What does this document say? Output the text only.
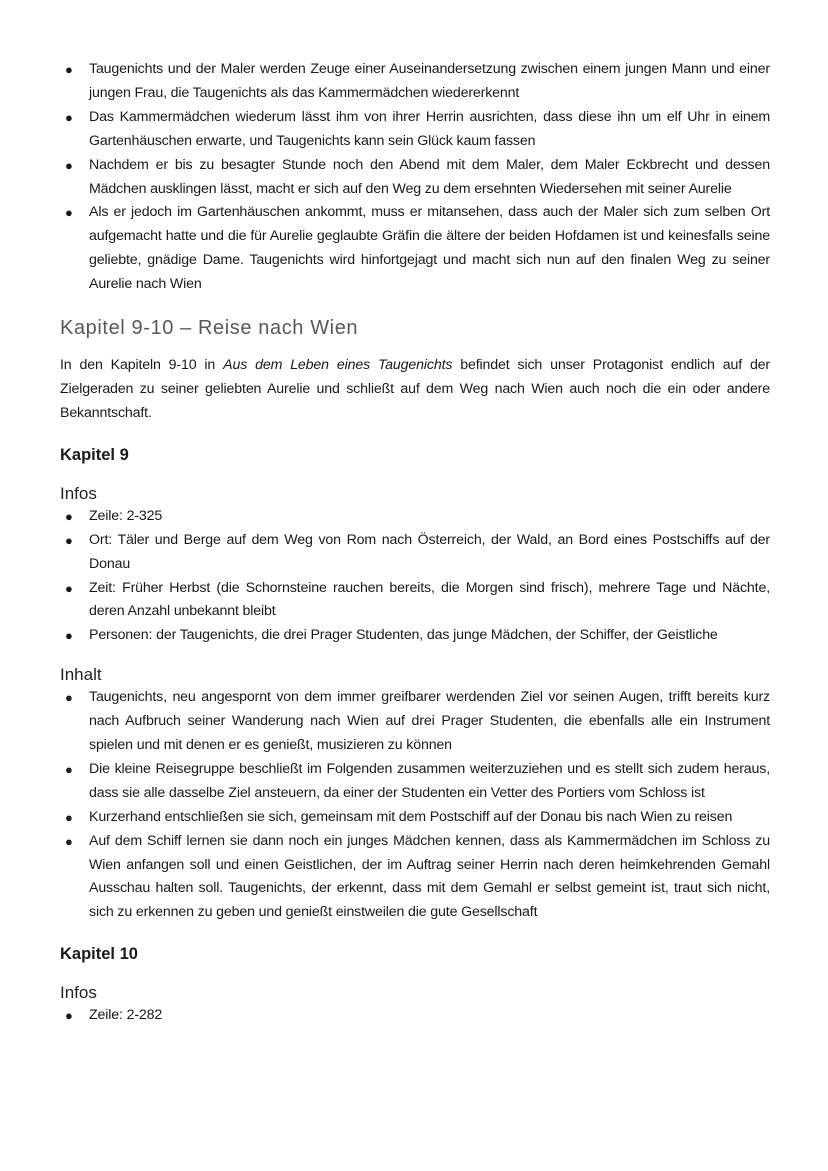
● Taugenichts und der Maler werden Zeuge einer Auseinandersetzung zwischen einem jungen Mann und einer jungen Frau, die Taugenichts als das Kammermädchen wiedererkennt
● Das Kammermädchen wiederum lässt ihm von ihrer Herrin ausrichten, dass diese ihn um elf Uhr in einem Gartenhäuschen erwarte, und Taugenichts kann sein Glück kaum fassen
● Nachdem er bis zu besagter Stunde noch den Abend mit dem Maler, dem Maler Eckbrecht und dessen Mädchen ausklingen lässt, macht er sich auf den Weg zu dem ersehnten Wiedersehen mit seiner Aurelie
● Als er jedoch im Gartenhäuschen ankommt, muss er mitansehen, dass auch der Maler sich zum selben Ort aufgemacht hatte und die für Aurelie geglaubte Gräfin die ältere der beiden Hofdamen ist und keinesfalls seine geliebte, gnädige Dame. Taugenichts wird hinfortgejagt und macht sich nun auf den finalen Weg zu seiner Aurelie nach Wien
Kapitel 9-10 – Reise nach Wien

In den Kapiteln 9-10 in Aus dem Leben eines Taugenichts befindet sich unser Protagonist endlich auf der Zielgeraden zu seiner geliebten Aurelie und schließt auf dem Weg nach Wien auch noch die ein oder andere Bekanntschaft.

Kapitel 9
Infos
● Zeile: 2-325
● Ort: Täler und Berge auf dem Weg von Rom nach Österreich, der Wald, an Bord eines Postschiffs auf der Donau
● Zeit: Früher Herbst (die Schornsteine rauchen bereits, die Morgen sind frisch), mehrere Tage und Nächte, deren Anzahl unbekannt bleibt
● Personen: der Taugenichts, die drei Prager Studenten, das junge Mädchen, der Schiffer, der Geistliche
Inhalt
● Taugenichts, neu angespornt von dem immer greifbarer werdenden Ziel vor seinen Augen, trifft bereits kurz nach Aufbruch seiner Wanderung nach Wien auf drei Prager Studenten, die ebenfalls alle ein Instrument spielen und mit denen er es genießt, musizieren zu können
● Die kleine Reisegruppe beschließt im Folgenden zusammen weiterzuziehen und es stellt sich zudem heraus, dass sie alle dasselbe Ziel ansteuern, da einer der Studenten ein Vetter des Portiers vom Schloss ist
● Kurzerhand entschließen sie sich, gemeinsam mit dem Postschiff auf der Donau bis nach Wien zu reisen
● Auf dem Schiff lernen sie dann noch ein junges Mädchen kennen, dass als Kammermädchen im Schloss zu Wien anfangen soll und einen Geistlichen, der im Auftrag seiner Herrin nach deren heimkehrenden Gemahl Ausschau halten soll. Taugenichts, der erkennt, dass mit dem Gemahl er selbst gemeint ist, traut sich nicht, sich zu erkennen zu geben und genießt einstweilen die gute Gesellschaft
Kapitel 10
Infos
● Zeile: 2-282
